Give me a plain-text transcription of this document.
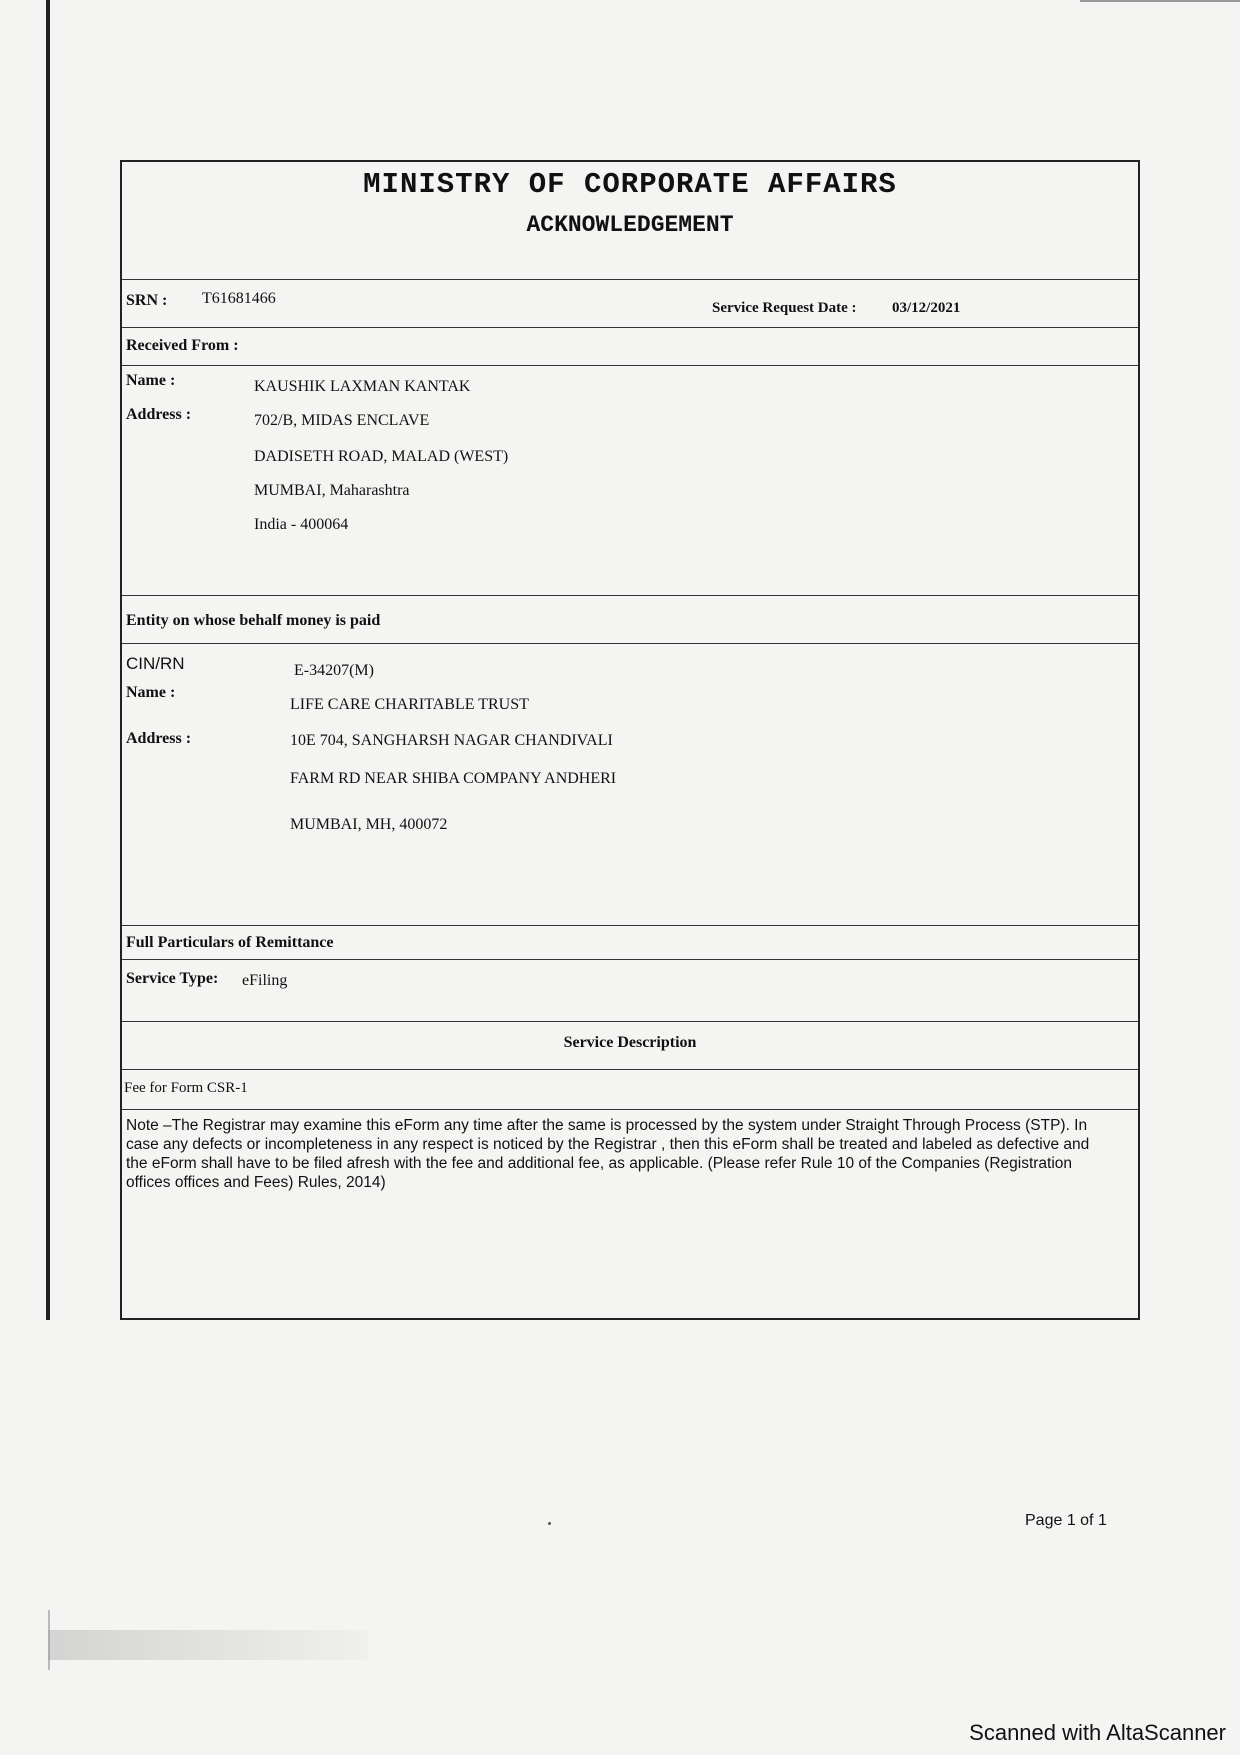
MINISTRY OF CORPORATE AFFAIRS
ACKNOWLEDGEMENT
SRN : T61681466
Service Request Date : 03/12/2021
Received From :
Name :	KAUSHIK LAXMAN KANTAK
Address :	702/B, MIDAS ENCLAVE
DADISETH ROAD, MALAD (WEST)
MUMBAI, Maharashtra
India - 400064
Entity on whose behalf money is paid
CIN/RN	E-34207(M)
Name :
LIFE CARE CHARITABLE TRUST
Address :	10E 704, SANGHARSH NAGAR CHANDIVALI
FARM RD NEAR SHIBA COMPANY ANDHERI
MUMBAI, MH, 400072
Full Particulars of Remittance
Service Type: eFiling
Service Description
Fee for Form CSR-1
Note –The Registrar may examine this eForm any time after the same is processed by the system under Straight Through Process (STP). In case any defects or incompleteness in any respect is noticed by the Registrar , then this eForm shall be treated and labeled as defective and the eForm shall have to be filed afresh with the fee and additional fee, as applicable. (Please refer Rule 10 of the Companies (Registration offices offices and Fees) Rules, 2014)
Page 1 of 1
Scanned with AltaScanner
